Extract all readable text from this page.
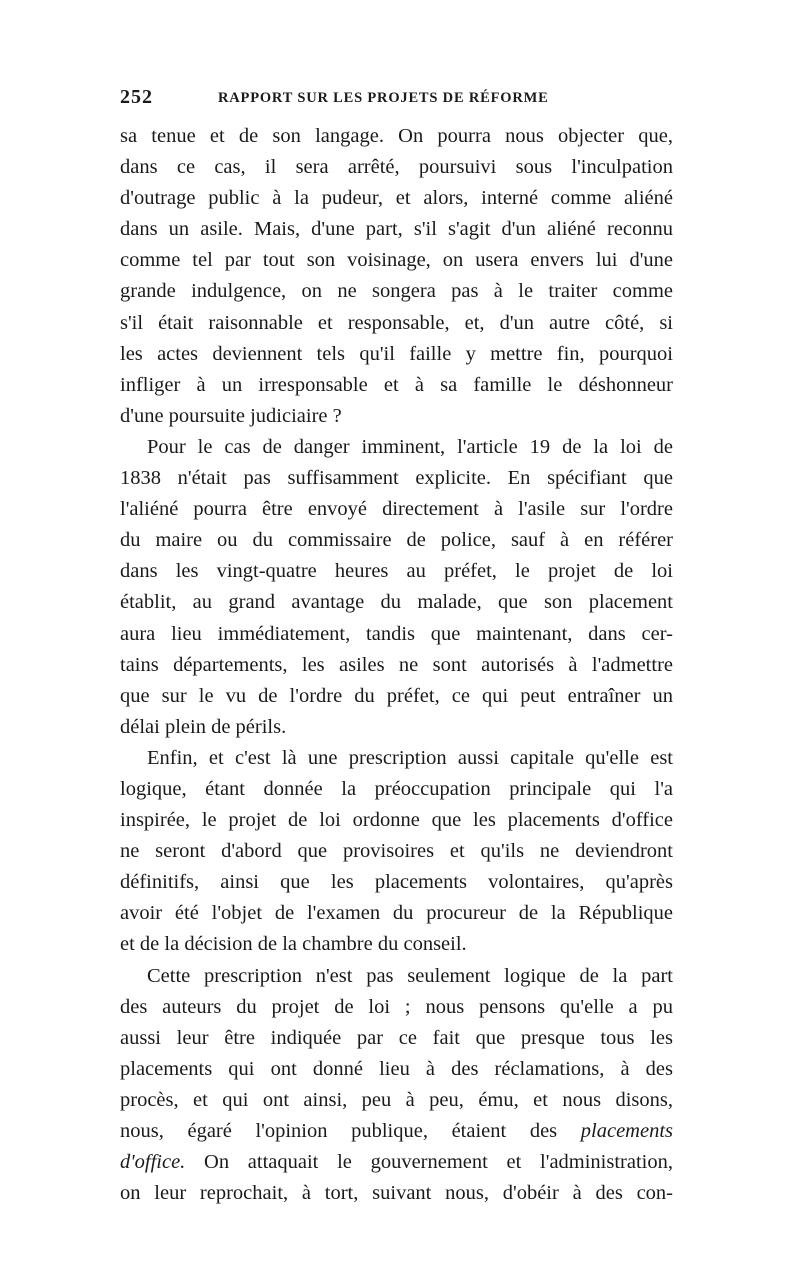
252	RAPPORT SUR LES PROJETS DE RÉFORME
sa tenue et de son langage. On pourra nous objecter que,
dans ce cas, il sera arrêté, poursuivi sous l'inculpation
d'outrage public à la pudeur, et alors, interné comme aliéné
dans un asile. Mais, d'une part, s'il s'agit d'un aliéné reconnu
comme tel par tout son voisinage, on usera envers lui d'une
grande indulgence, on ne songera pas à le traiter comme
s'il était raisonnable et responsable, et, d'un autre côté, si
les actes deviennent tels qu'il faille y mettre fin, pourquoi
infliger à un irresponsable et à sa famille le déshonneur
d'une poursuite judiciaire ?
Pour le cas de danger imminent, l'article 19 de la loi de
1838 n'était pas suffisamment explicite. En spécifiant que
l'aliéné pourra être envoyé directement à l'asile sur l'ordre
du maire ou du commissaire de police, sauf à en référer
dans les vingt-quatre heures au préfet, le projet de loi
établit, au grand avantage du malade, que son placement
aura lieu immédiatement, tandis que maintenant, dans cer-
tains départements, les asiles ne sont autorisés à l'admettre
que sur le vu de l'ordre du préfet, ce qui peut entraîner un
délai plein de périls.
Enfin, et c'est là une prescription aussi capitale qu'elle est
logique, étant donnée la préoccupation principale qui l'a
inspirée, le projet de loi ordonne que les placements d'office
ne seront d'abord que provisoires et qu'ils ne deviendront
définitifs, ainsi que les placements volontaires, qu'après
avoir été l'objet de l'examen du procureur de la République
et de la décision de la chambre du conseil.
Cette prescription n'est pas seulement logique de la part
des auteurs du projet de loi ; nous pensons qu'elle a pu
aussi leur être indiquée par ce fait que presque tous les
placements qui ont donné lieu à des réclamations, à des
procès, et qui ont ainsi, peu à peu, ému, et nous disons,
nous, égaré l'opinion publique, étaient des placements
d'office. On attaquait le gouvernement et l'administration,
on leur reprochait, à tort, suivant nous, d'obéir à des con-
